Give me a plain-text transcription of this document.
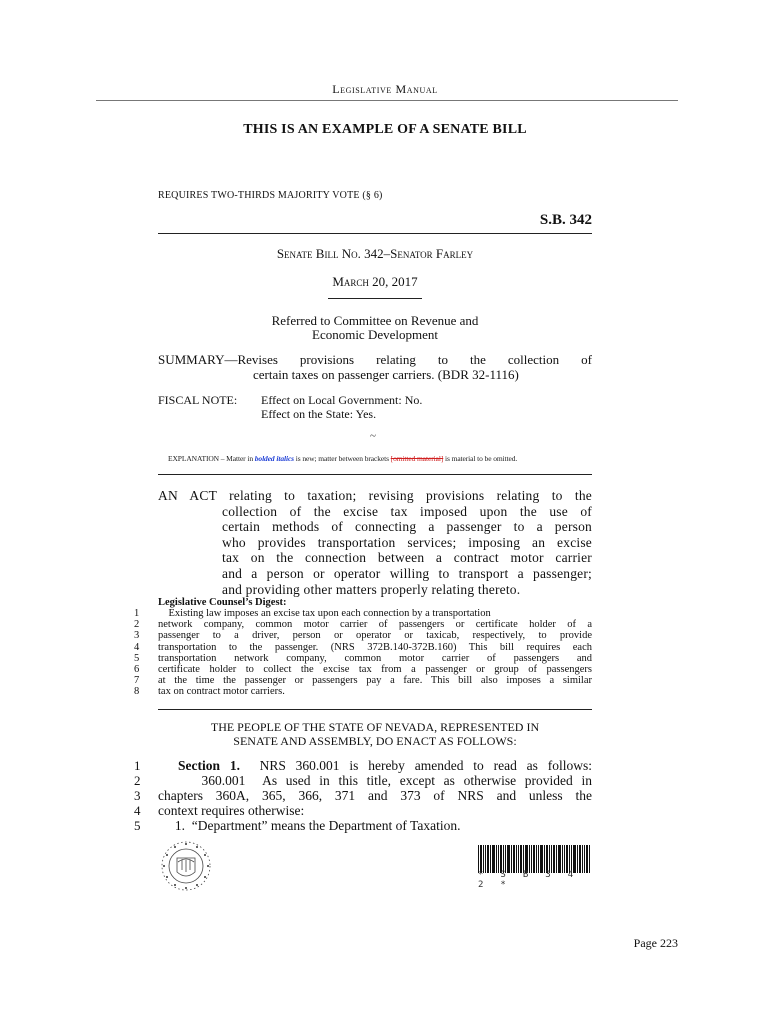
Legislative Manual
THIS IS AN EXAMPLE OF A SENATE BILL
REQUIRES TWO-THIRDS MAJORITY VOTE (§ 6)
S.B. 342
Senate Bill No. 342–Senator Farley
March 20, 2017
Referred to Committee on Revenue and
Economic Development
SUMMARY—Revises provisions relating to the collection of
certain taxes on passenger carriers. (BDR 32-1116)
FISCAL NOTE: Effect on Local Government: No.
Effect on the State: Yes.
~
EXPLANATION – Matter in bolded italics is new; matter between brackets [omitted material] is material to be omitted.
AN ACT relating to taxation; revising provisions relating to the
collection of the excise tax imposed upon the use of
certain methods of connecting a passenger to a person
who provides transportation services; imposing an excise
tax on the connection between a contract motor carrier
and a person or operator willing to transport a passenger;
and providing other matters properly relating thereto.
Legislative Counsel’s Digest:
1
2
3
4
5
6
7
8
Existing law imposes an excise tax upon each connection by a transportation
network company, common motor carrier of passengers or certificate holder of a
passenger to a driver, person or operator or taxicab, respectively, to provide
transportation to the passenger. (NRS 372B.140-372B.160) This bill requires each
transportation network company, common motor carrier of passengers and
certificate holder to collect the excise tax from a passenger or group of passengers
at the time the passenger or passengers pay a fare. This bill also imposes a similar
tax on contract motor carriers.
THE PEOPLE OF THE STATE OF NEVADA, REPRESENTED IN
SENATE AND ASSEMBLY, DO ENACT AS FOLLOWS:
1
2
3
4
5
Section 1.  NRS 360.001 is hereby amended to read as follows:
360.001  As used in this title, except as otherwise provided in
chapters 360A, 365, 366, 371 and 373 of NRS and unless the
context requires otherwise:
1.  “Department” means the Department of Taxation.
* S B 3 4 2 *
Page 223
